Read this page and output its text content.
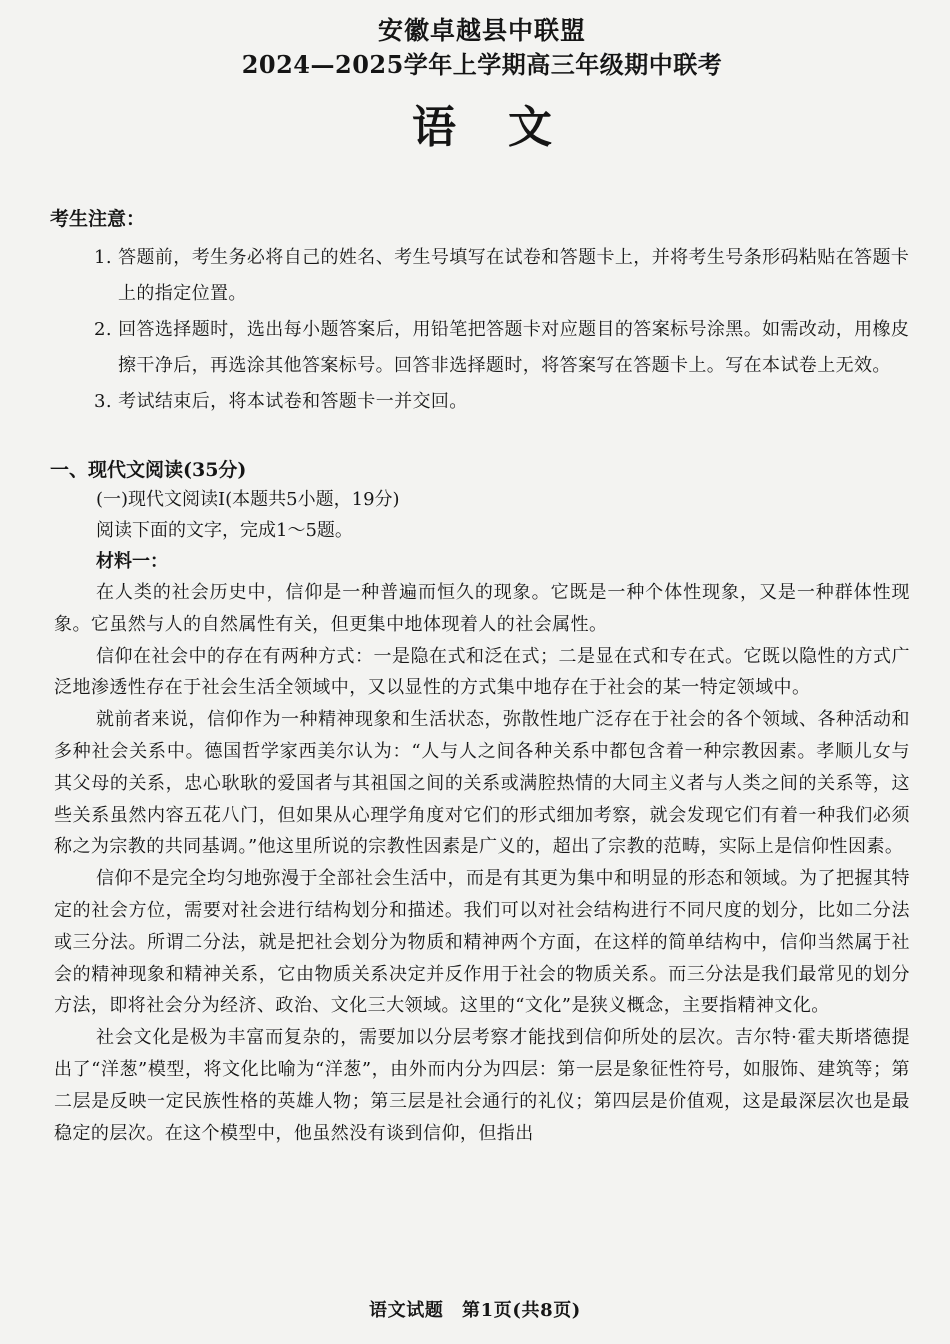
安徽卓越县中联盟
2024—2025学年上学期高三年级期中联考
语文
考生注意：
1. 答题前，考生务必将自己的姓名、考生号填写在试卷和答题卡上，并将考生号条形码粘贴在答题卡上的指定位置。
2. 回答选择题时，选出每小题答案后，用铅笔把答题卡对应题目的答案标号涂黑。如需改动，用橡皮擦干净后，再选涂其他答案标号。回答非选择题时，将答案写在答题卡上。写在本试卷上无效。
3. 考试结束后，将本试卷和答题卡一并交回。
一、现代文阅读(35分)
(一)现代文阅读Ⅰ(本题共5小题，19分)
阅读下面的文字，完成1～5题。
材料一：

在人类的社会历史中，信仰是一种普遍而恒久的现象。它既是一种个体性现象，又是一种群体性现象。它虽然与人的自然属性有关，但更集中地体现着人的社会属性。

信仰在社会中的存在有两种方式：一是隐在式和泛在式；二是显在式和专在式。它既以隐性的方式广泛地渗透性存在于社会生活全领域中，又以显性的方式集中地存在于社会的某一特定领域中。

就前者来说，信仰作为一种精神现象和生活状态，弥散性地广泛存在于社会的各个领域、各种活动和多种社会关系中。德国哲学家西美尔认为：“人与人之间各种关系中都包含着一种宗教因素。孝顺儿女与其父母的关系，忠心耿耿的爱国者与其祖国之间的关系或满腔热情的大同主义者与人类之间的关系等，这些关系虽然内容五花八门，但如果从心理学角度对它们的形式细加考察，就会发现它们有着一种我们必须称之为宗教的共同基调。”他这里所说的宗教性因素是广义的，超出了宗教的范畴，实际上是信仰性因素。

信仰不是完全均匀地弥漫于全部社会生活中，而是有其更为集中和明显的形态和领域。为了把握其特定的社会方位，需要对社会进行结构划分和描述。我们可以对社会结构进行不同尺度的划分，比如二分法或三分法。所谓二分法，就是把社会划分为物质和精神两个方面，在这样的简单结构中，信仰当然属于社会的精神现象和精神关系，它由物质关系决定并反作用于社会的物质关系。而三分法是我们最常见的划分方法，即将社会分为经济、政治、文化三大领域。这里的“文化”是狭义概念，主要指精神文化。

社会文化是极为丰富而复杂的，需要加以分层考察才能找到信仰所处的层次。吉尔特·霍夫斯塔德提出了“洋葱”模型，将文化比喻为“洋葱”，由外而内分为四层：第一层是象征性符号，如服饰、建筑等；第二层是反映一定民族性格的英雄人物；第三层是社会通行的礼仪；第四层是价值观，这是最深层次也是最稳定的层次。在这个模型中，他虽然没有谈到信仰，但指出

语文试题　第1页(共8页)
